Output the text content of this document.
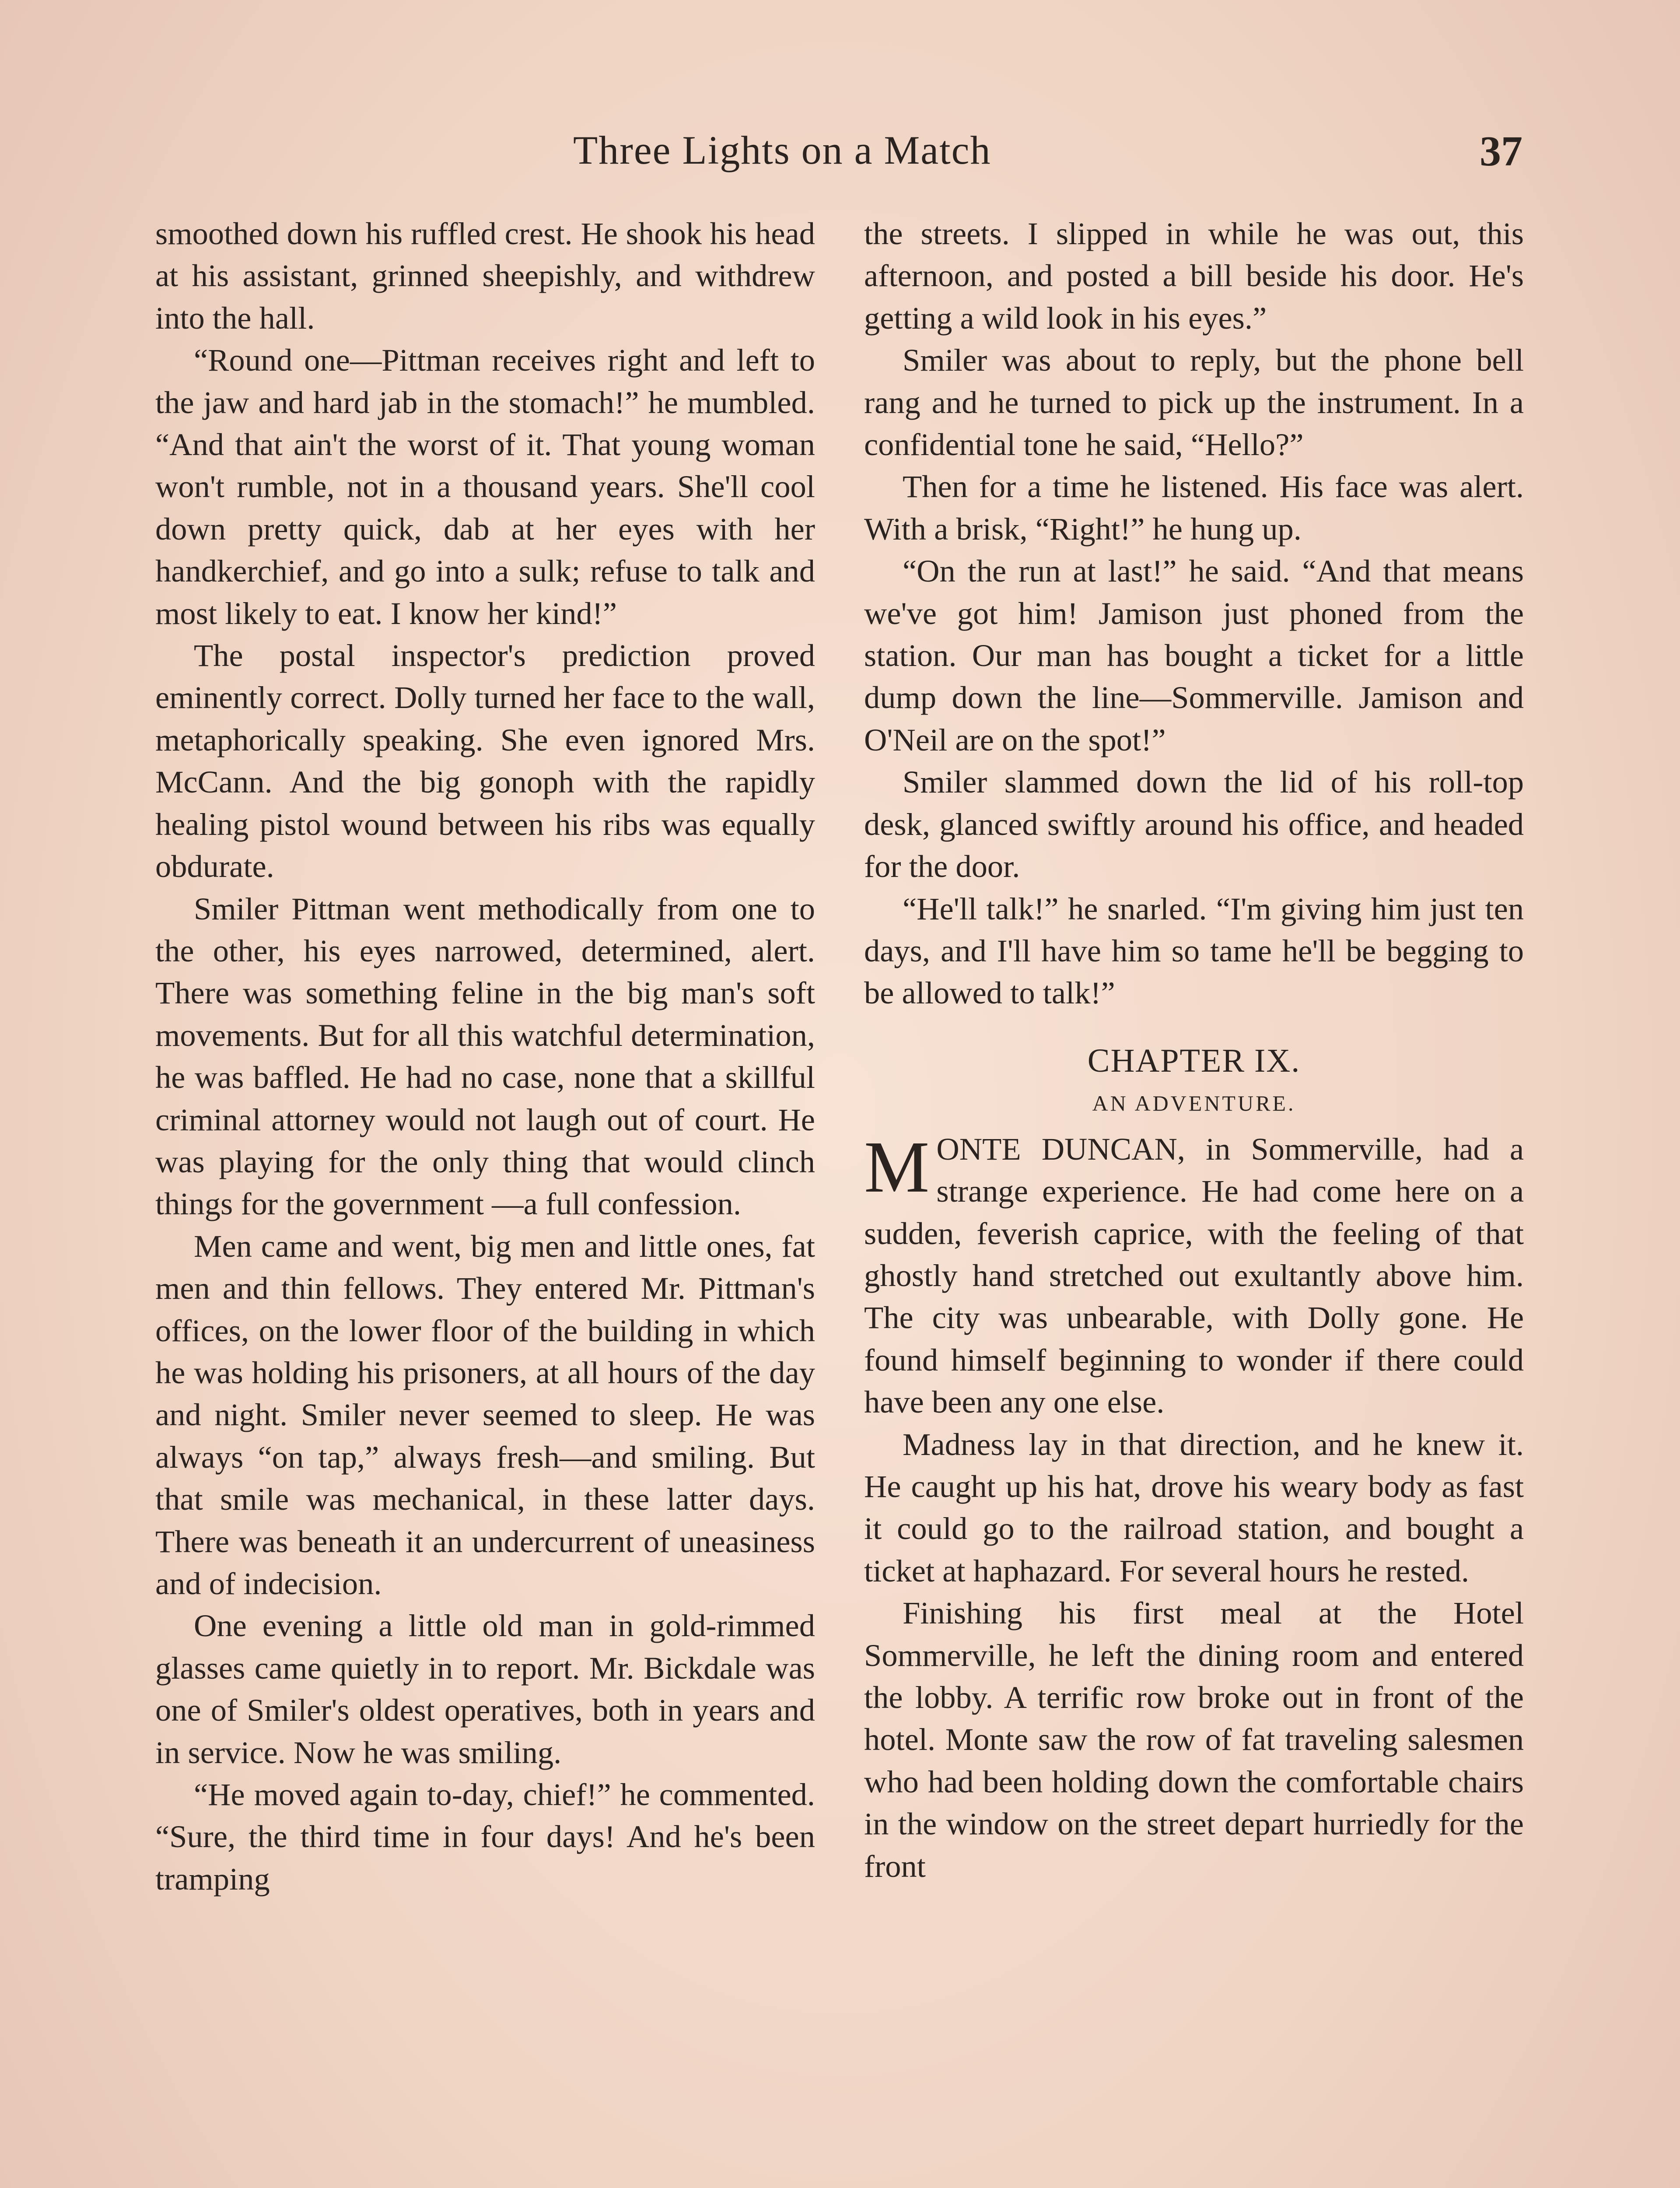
Three Lights on a Match	37

smoothed down his ruffled crest. He shook his head at his assistant, grinned sheepishly, and withdrew into the hall.

“Round one—Pittman receives right and left to the jaw and hard jab in the stomach!” he mumbled. “And that ain't the worst of it. That young woman won't rumble, not in a thousand years. She'll cool down pretty quick, dab at her eyes with her handkerchief, and go into a sulk; refuse to talk and most likely to eat. I know her kind!”

The postal inspector's prediction proved eminently correct. Dolly turned her face to the wall, metaphorically speaking. She even ignored Mrs. McCann. And the big gonoph with the rapidly healing pistol wound between his ribs was equally obdurate.

Smiler Pittman went methodically from one to the other, his eyes narrowed, determined, alert. There was something feline in the big man's soft movements. But for all this watchful determination, he was baffled. He had no case, none that a skillful criminal attorney would not laugh out of court. He was playing for the only thing that would clinch things for the government —a full confession.

Men came and went, big men and little ones, fat men and thin fellows. They entered Mr. Pittman's offices, on the lower floor of the building in which he was holding his prisoners, at all hours of the day and night. Smiler never seemed to sleep. He was always “on tap,” always fresh—and smiling. But that smile was mechanical, in these latter days. There was beneath it an undercurrent of uneasiness and of indecision.

One evening a little old man in gold-rimmed glasses came quietly in to report. Mr. Bickdale was one of Smiler's oldest operatives, both in years and in service. Now he was smiling.

“He moved again to-day, chief!” he commented. “Sure, the third time in four days! And he's been tramping

the streets. I slipped in while he was out, this afternoon, and posted a bill beside his door. He's getting a wild look in his eyes.”

Smiler was about to reply, but the phone bell rang and he turned to pick up the instrument. In a confidential tone he said, “Hello?”

Then for a time he listened. His face was alert. With a brisk, “Right!” he hung up.

“On the run at last!” he said. “And that means we've got him! Jamison just phoned from the station. Our man has bought a ticket for a little dump down the line—Sommerville. Jamison and O'Neil are on the spot!”

Smiler slammed down the lid of his roll-top desk, glanced swiftly around his office, and headed for the door.

“He'll talk!” he snarled. “I'm giving him just ten days, and I'll have him so tame he'll be begging to be allowed to talk!”

CHAPTER IX.
AN ADVENTURE.

MONTE DUNCAN, in Sommerville, had a strange experience. He had come here on a sudden, feverish caprice, with the feeling of that ghostly hand stretched out exultantly above him. The city was unbearable, with Dolly gone. He found himself beginning to wonder if there could have been any one else.

Madness lay in that direction, and he knew it. He caught up his hat, drove his weary body as fast it could go to the railroad station, and bought a ticket at haphazard. For several hours he rested.

Finishing his first meal at the Hotel Sommerville, he left the dining room and entered the lobby. A terrific row broke out in front of the hotel. Monte saw the row of fat traveling salesmen who had been holding down the comfortable chairs in the window on the street depart hurriedly for the front
